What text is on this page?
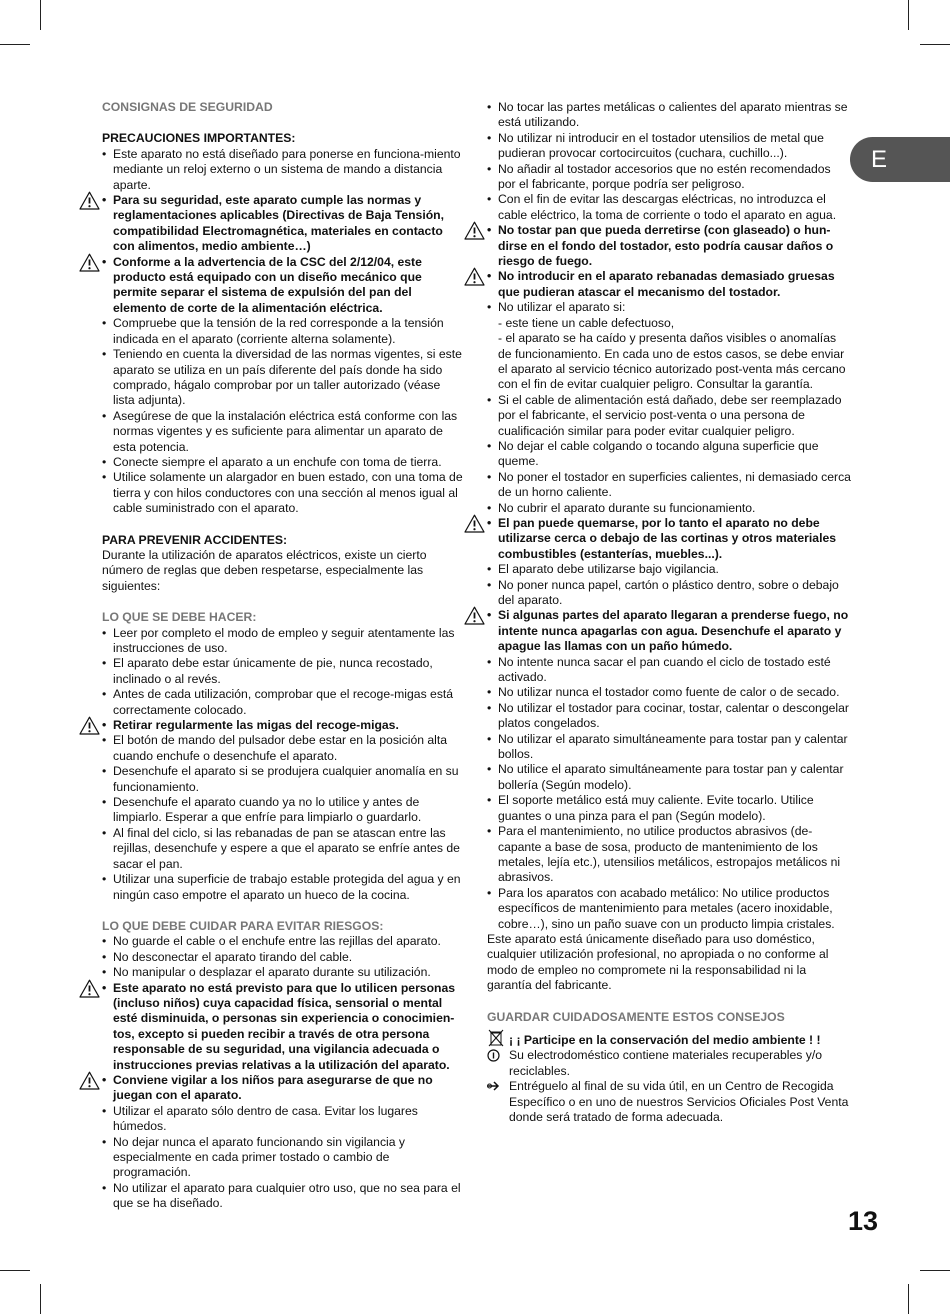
E

CONSIGNAS DE SEGURIDAD

PRECAUCIONES IMPORTANTES:

• Este aparato no está diseñado para ponerse en funciona-miento mediante un reloj externo o un sistema de mando a distancia aparte.
• Para su seguridad, este aparato cumple las normas y reglamentaciones aplicables (Directivas de Baja Tensión, compatibilidad Electromagnética, materiales en contacto con alimentos, medio ambiente…)
• Conforme a la advertencia de la CSC del 2/12/04, este producto está equipado con un diseño mecánico que permite separar el sistema de expulsión del pan del elemento de corte de la alimentación eléctrica.
• Compruebe que la tensión de la red corresponde a la tensión indicada en el aparato (corriente alterna solamente).
• Teniendo en cuenta la diversidad de las normas vigentes, si este aparato se utiliza en un país diferente del país donde ha sido comprado, hágalo comprobar por un taller autorizado (véase lista adjunta).
• Asegúrese de que la instalación eléctrica está conforme con las normas vigentes y es suficiente para alimentar un aparato de esta potencia.
• Conecte siempre el aparato a un enchufe con toma de tierra.
• Utilice solamente un alargador en buen estado, con una toma de tierra y con hilos conductores con una sección al menos igual al cable suministrado con el aparato.

PARA PREVENIR ACCIDENTES:

Durante la utilización de aparatos eléctricos, existe un cierto número de reglas que deben respetarse, especialmente las siguientes:

LO QUE SE DEBE HACER:

• Leer por completo el modo de empleo y seguir atentamente las instrucciones de uso.
• El aparato debe estar únicamente de pie, nunca recostado, inclinado o al revés.
• Antes de cada utilización, comprobar que el recoge-migas está correctamente colocado.
• Retirar regularmente las migas del recoge-migas.
• El botón de mando del pulsador debe estar en la posición alta cuando enchufe o desenchufe el aparato.
• Desenchufe el aparato si se produjera cualquier anomalía en su funcionamiento.
• Desenchufe el aparato cuando ya no lo utilice y antes de limpiarlo. Esperar a que enfríe para limpiarlo o guardarlo.
• Al final del ciclo, si las rebanadas de pan se atascan entre las rejillas, desenchufe y espere a que el aparato se enfríe antes de sacar el pan.
• Utilizar una superficie de trabajo estable protegida del agua y en ningún caso empotre el aparato un hueco de la cocina.

LO QUE DEBE CUIDAR PARA EVITAR RIESGOS:

• No guarde el cable o el enchufe entre las rejillas del aparato.
• No desconectar el aparato tirando del cable.
• No manipular o desplazar el aparato durante su utilización.
• Este aparato no está previsto para que lo utilicen personas (incluso niños) cuya capacidad física, sensorial o mental esté disminuida, o personas sin experiencia o conocimien-tos, excepto si pueden recibir a través de otra persona responsable de su seguridad, una vigilancia adecuada o instrucciones previas relativas a la utilización del aparato.
• Conviene vigilar a los niños para asegurarse de que no juegan con el aparato.
• Utilizar el aparato sólo dentro de casa. Evitar los lugares húmedos.
• No dejar nunca el aparato funcionando sin vigilancia y especialmente en cada primer tostado o cambio de programación.
• No utilizar el aparato para cualquier otro uso, que no sea para el que se ha diseñado.
• No tocar las partes metálicas o calientes del aparato mientras se está utilizando.
• No utilizar ni introducir en el tostador utensilios de metal que pudieran provocar cortocircuitos (cuchara, cuchillo...).
• No añadir al tostador accesorios que no estén recomendados por el fabricante, porque podría ser peligroso.
• Con el fin de evitar las descargas eléctricas, no introduzca el cable eléctrico, la toma de corriente o todo el aparato en agua.
• No tostar pan que pueda derretirse (con glaseado) o hun-dirse en el fondo del tostador, esto podría causar daños o riesgo de fuego.
• No introducir en el aparato rebanadas demasiado gruesas que pudieran atascar el mecanismo del tostador.
• No utilizar el aparato si:

- este tiene un cable defectuoso,

- el aparato se ha caído y presenta daños visibles o anomalías de funcionamiento. En cada uno de estos casos, se debe enviar el aparato al servicio técnico autorizado post-venta más cercano con el fin de evitar cualquier peligro. Consultar la garantía.

• Si el cable de alimentación está dañado, debe ser reemplazado por el fabricante, el servicio post-venta o una persona de cualificación similar para poder evitar cualquier peligro.
• No dejar el cable colgando o tocando alguna superficie que queme.
• No poner el tostador en superficies calientes, ni demasiado cerca de un horno caliente.
• No cubrir el aparato durante su funcionamiento.
• El pan puede quemarse, por lo tanto el aparato no debe utilizarse cerca o debajo de las cortinas y otros materiales combustibles (estanterías, muebles...).
• El aparato debe utilizarse bajo vigilancia.
• No poner nunca papel, cartón o plástico dentro, sobre o debajo del aparato.
• Si algunas partes del aparato llegaran a prenderse fuego, no intente nunca apagarlas con agua. Desenchufe el aparato y apague las llamas con un paño húmedo.
• No intente nunca sacar el pan cuando el ciclo de tostado esté activado.
• No utilizar nunca el tostador como fuente de calor o de secado.
• No utilizar el tostador para cocinar, tostar, calentar o descongelar platos congelados.
• No utilizar el aparato simultáneamente para tostar pan y calentar bollos.
• No utilice el aparato simultáneamente para tostar pan y calentar bollería (Según modelo).
• El soporte metálico está muy caliente. Evite tocarlo. Utilice guantes o una pinza para el pan (Según modelo).
• Para el mantenimiento, no utilice productos abrasivos (de-capante a base de sosa, producto de mantenimiento de los metales, lejía etc.), utensilios metálicos, estropajos metálicos ni abrasivos.
• Para los aparatos con acabado metálico: No utilice productos específicos de mantenimiento para metales (acero inoxidable, cobre…), sino un paño suave con un producto limpia cristales.

Este aparato está únicamente diseñado para uso doméstico, cualquier utilización profesional, no apropiada o no conforme al modo de empleo no compromete ni la responsabilidad ni la garantía del fabricante.

GUARDAR CUIDADOSAMENTE ESTOS CONSEJOS

¡ ¡ Participe en la conservación del medio ambiente ! !

Su electrodoméstico contiene materiales recuperables y/o reciclables.

Entréguelo al final de su vida útil, en un Centro de Recogida Específico o en uno de nuestros Servicios Oficiales Post Venta donde será tratado de forma adecuada.

13
